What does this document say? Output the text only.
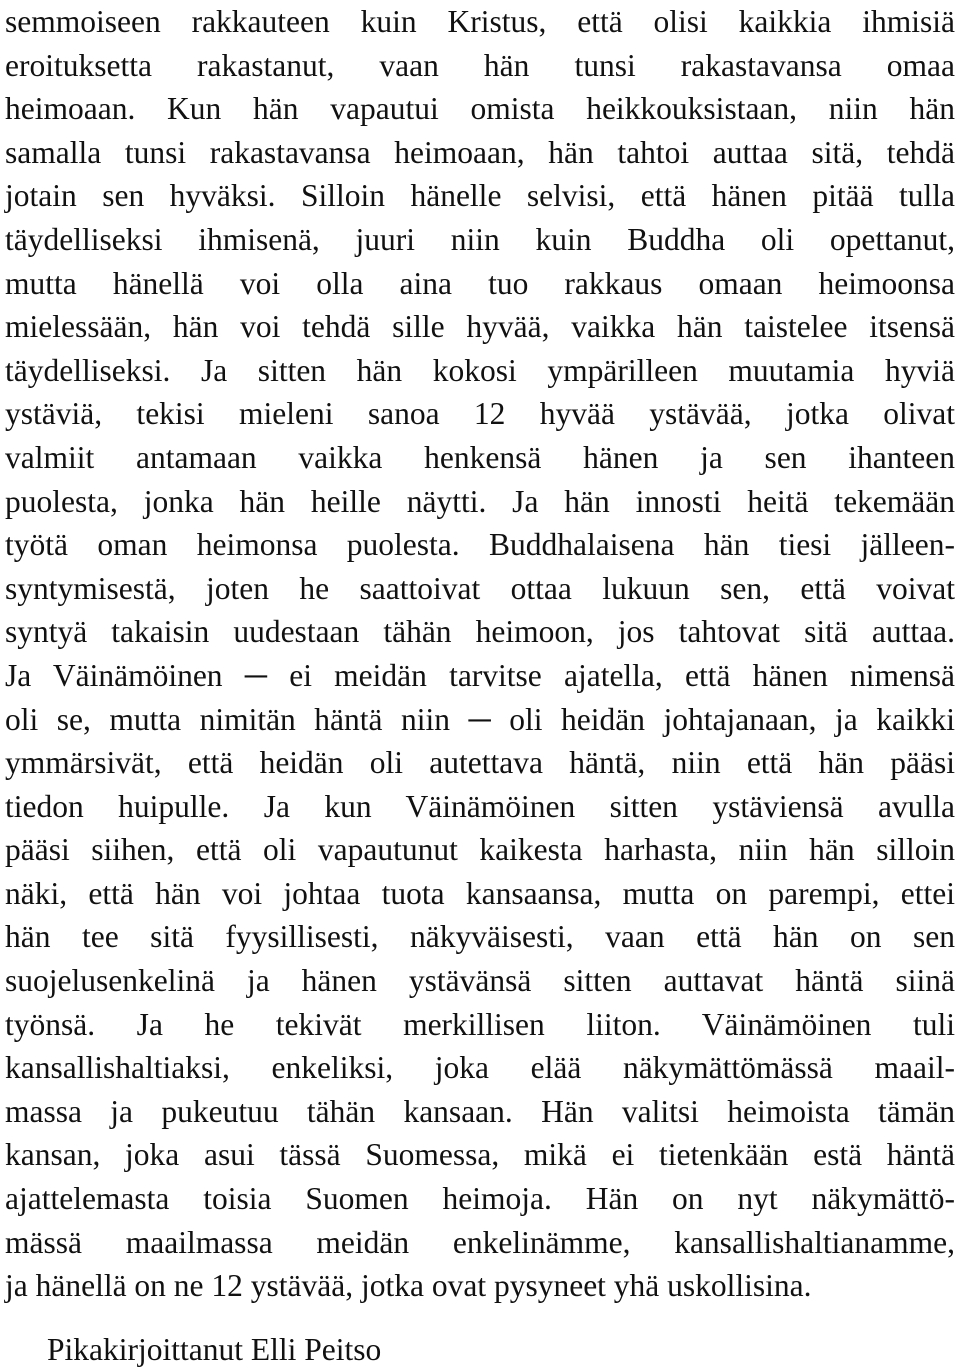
semmoiseen rakkauteen kuin Kristus, että olisi kaikkia ihmisiä
eroituksetta rakastanut, vaan hän tunsi rakastavansa omaa
heimoaan. Kun hän vapautui omista heikkouksistaan, niin hän
samalla tunsi rakastavansa heimoaan, hän tahtoi auttaa sitä, tehdä
jotain sen hyväksi. Silloin hänelle selvisi, että hänen pitää tulla
täydelliseksi ihmisenä, juuri niin kuin Buddha oli opettanut,
mutta hänellä voi olla aina tuo rakkaus omaan heimoonsa
mielessään, hän voi tehdä sille hyvää, vaikka hän taistelee itsensä
täydelliseksi. Ja sitten hän kokosi ympärilleen muutamia hyviä
ystäviä, tekisi mieleni sanoa 12 hyvää ystävää, jotka olivat
valmiit antamaan vaikka henkensä hänen ja sen ihanteen
puolesta, jonka hän heille näytti. Ja hän innosti heitä tekemään
työtä oman heimonsa puolesta. Buddhalaisena hän tiesi jälleen-
syntymisestä, joten he saattoivat ottaa lukuun sen, että voivat
syntyä takaisin uudestaan tähän heimoon, jos tahtovat sitä auttaa.
Ja Väinämöinen ─ ei meidän tarvitse ajatella, että hänen nimensä
oli se, mutta nimitän häntä niin ─ oli heidän johtajanaan, ja kaikki
ymmärsivät, että heidän oli autettava häntä, niin että hän pääsi
tiedon huipulle. Ja kun Väinämöinen sitten ystäviensä avulla
pääsi siihen, että oli vapautunut kaikesta harhasta, niin hän silloin
näki, että hän voi johtaa tuota kansaansa, mutta on parempi, ettei
hän tee sitä fyysillisesti, näkyväisesti, vaan että hän on sen
suojelusenkelinä ja hänen ystävänsä sitten auttavat häntä siinä
työnsä. Ja he tekivät merkillisen liiton. Väinämöinen tuli
kansallishaltiaksi, enkeliksi, joka elää näkymättömässä maail-
massa ja pukeutuu tähän kansaan. Hän valitsi heimoista tämän
kansan, joka asui tässä Suomessa, mikä ei tietenkään estä häntä
ajattelemasta toisia Suomen heimoja. Hän on nyt näkymättö-
mässä maailmassa meidän enkelinämme, kansallishaltianamme,
ja hänellä on ne 12 ystävää, jotka ovat pysyneet yhä uskollisina.
Pikakirjoittanut Elli Peitso
